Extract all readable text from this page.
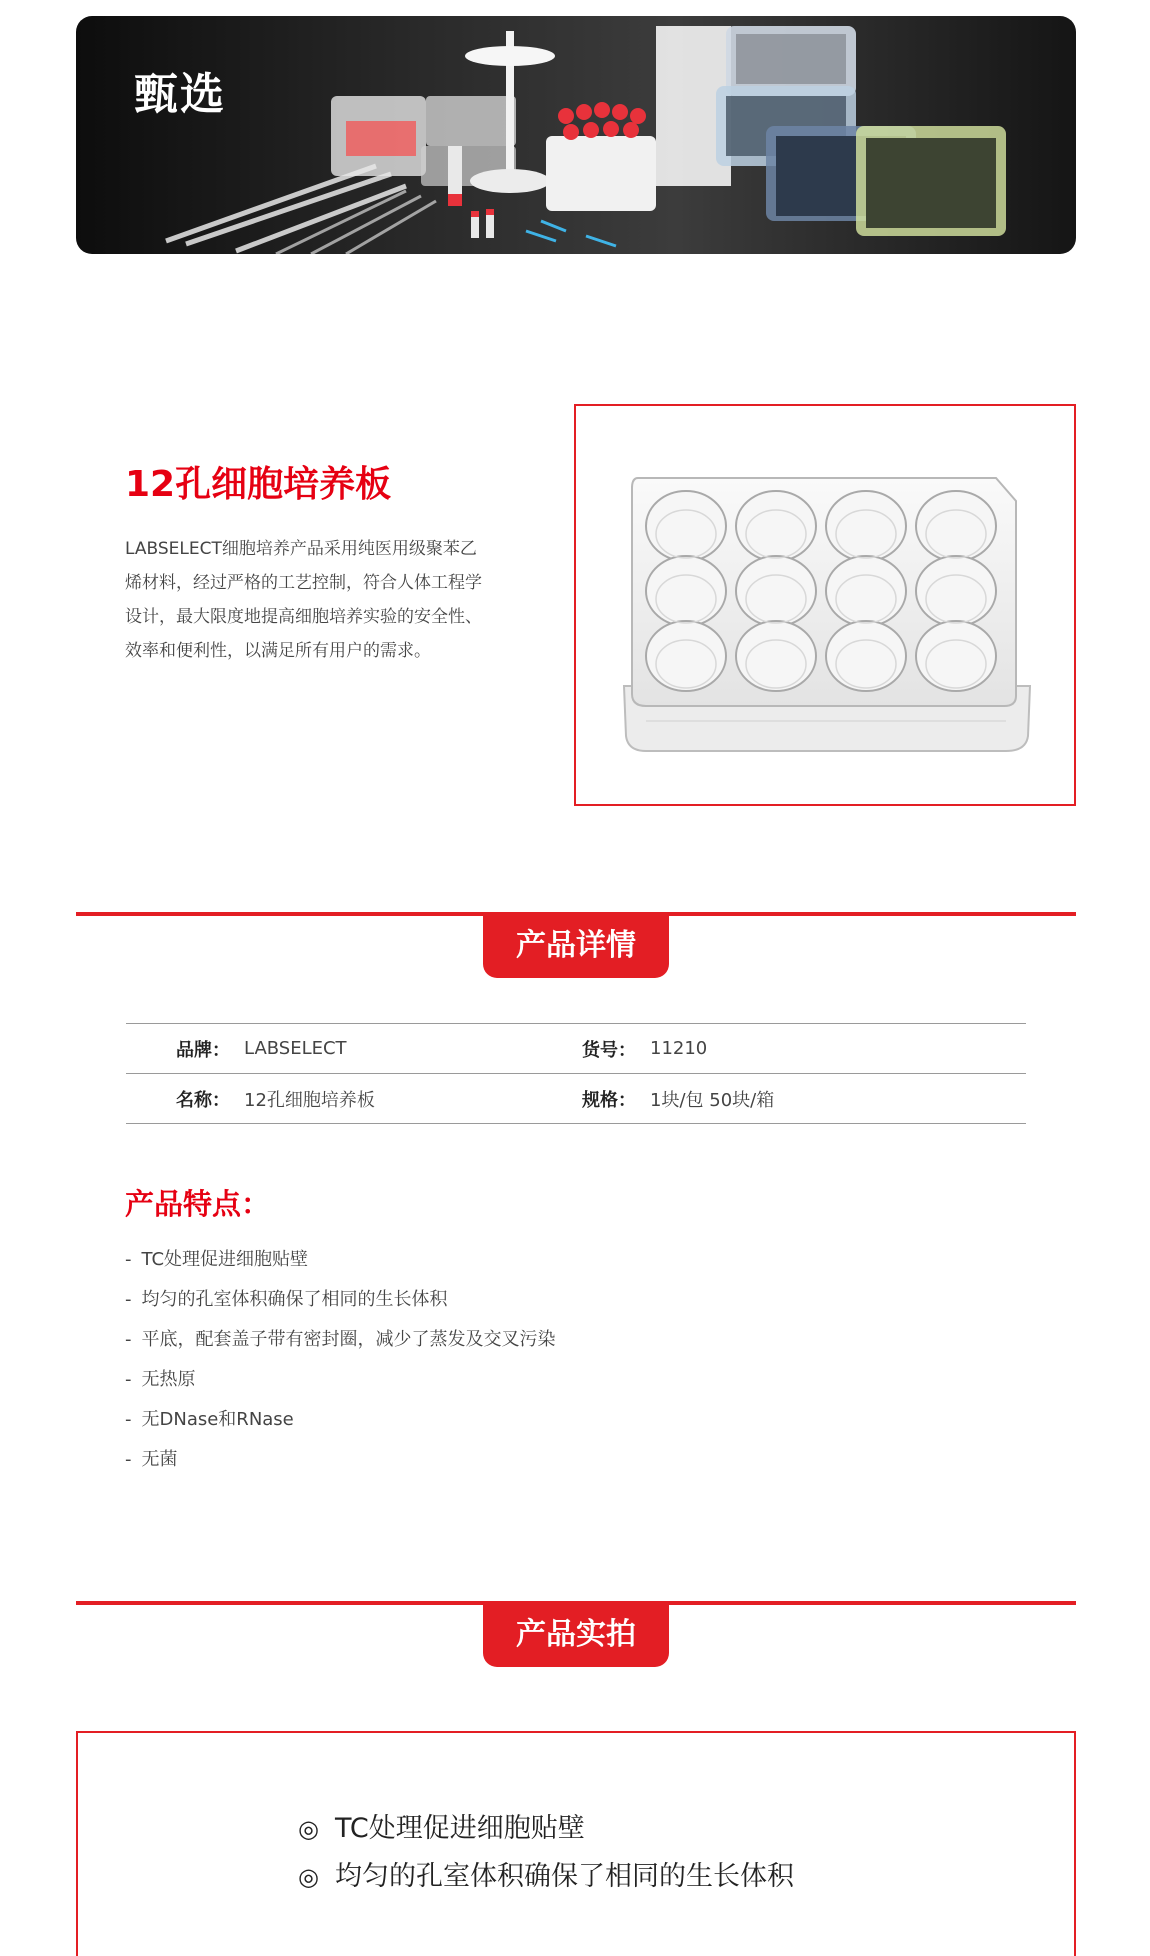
甄选
12孔细胞培养板
LABSELECT细胞培养产品采用纯医用级聚苯乙
烯材料，经过严格的工艺控制，符合人体工程学
设计，最大限度地提高细胞培养实验的安全性、
效率和便利性，以满足所有用户的需求。
产品详情
品牌 ： LABSELECT	货号 ： 11210
名称 ： 12孔细胞培养板	规格 ： 1块/包 50块/箱
产品特点：
- TC处理促进细胞贴壁
- 均匀的孔室体积确保了相同的生长体积
- 平底，配套盖子带有密封圈，减少了蒸发及交叉污染
- 无热原
- 无DNase和RNase
- 无菌
产品实拍
◎ TC处理促进细胞贴壁
◎ 均匀的孔室体积确保了相同的生长体积
